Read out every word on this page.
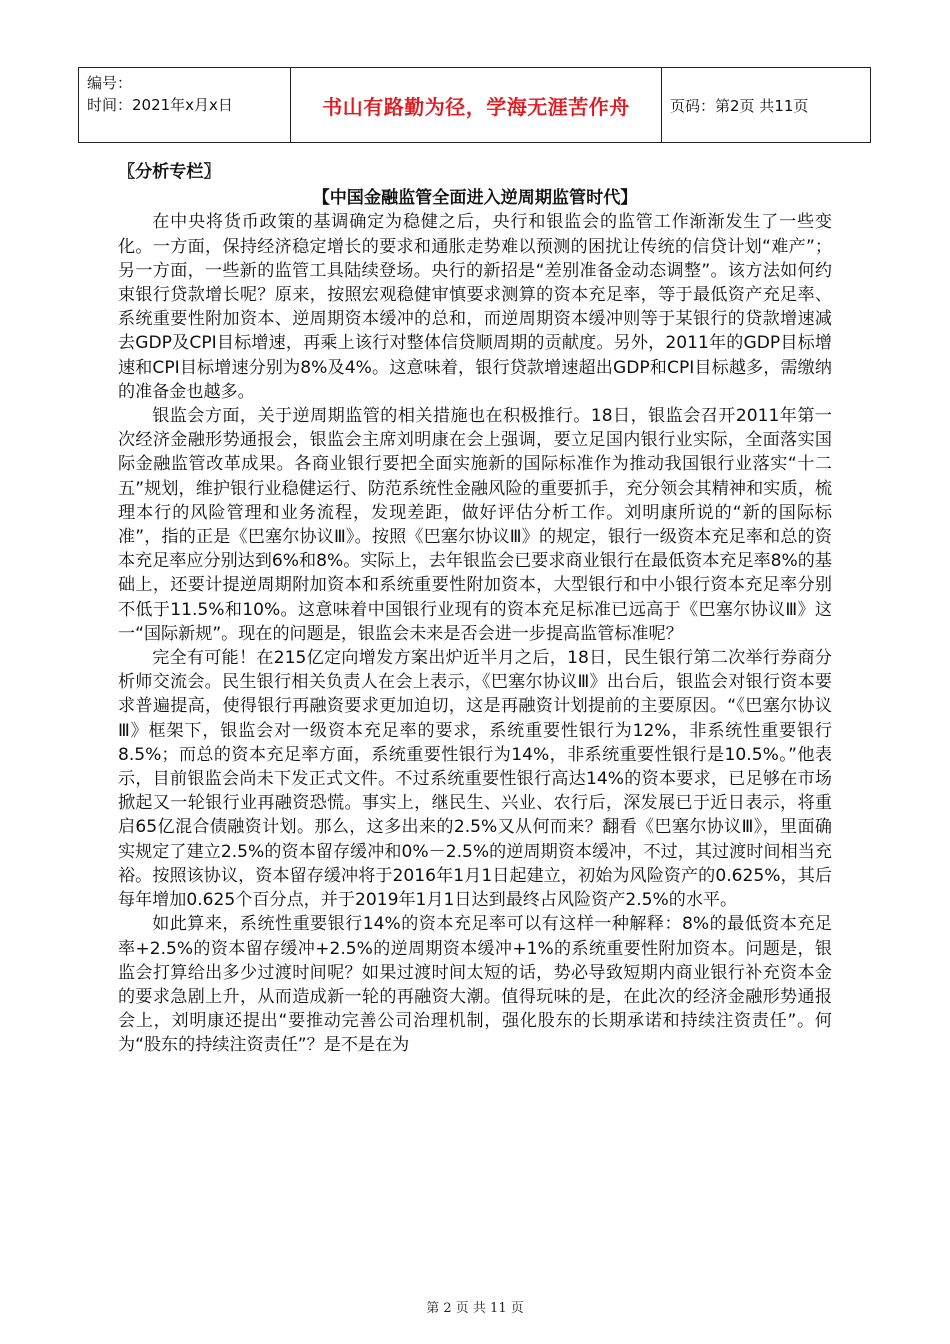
编号：
时间：2021年x月x日	书山有路勤为径，学海无涯苦作舟	页码：第2页 共11页

〖分析专栏〗

【中国金融监管全面进入逆周期监管时代】

在中央将货币政策的基调确定为稳健之后，央行和银监会的监管工作渐渐发生了一些变化。一方面，保持经济稳定增长的要求和通胀走势难以预测的困扰让传统的信贷计划“难产”；另一方面，一些新的监管工具陆续登场。央行的新招是“差别准备金动态调整”。该方法如何约束银行贷款增长呢？原来，按照宏观稳健审慎要求测算的资本充足率，等于最低资产充足率、系统重要性附加资本、逆周期资本缓冲的总和，而逆周期资本缓冲则等于某银行的贷款增速减去GDP及CPI目标增速，再乘上该行对整体信贷顺周期的贡献度。另外，2011年的GDP目标增速和CPI目标增速分别为8%及4%。这意味着，银行贷款增速超出GDP和CPI目标越多，需缴纳的准备金也越多。

银监会方面，关于逆周期监管的相关措施也在积极推行。18日，银监会召开2011年第一次经济金融形势通报会，银监会主席刘明康在会上强调，要立足国内银行业实际，全面落实国际金融监管改革成果。各商业银行要把全面实施新的国际标准作为推动我国银行业落实“十二五”规划，维护银行业稳健运行、防范系统性金融风险的重要抓手，充分领会其精神和实质，梳理本行的风险管理和业务流程，发现差距，做好评估分析工作。刘明康所说的“新的国际标准”，指的正是《巴塞尔协议Ⅲ》。按照《巴塞尔协议Ⅲ》的规定，银行一级资本充足率和总的资本充足率应分别达到6%和8%。实际上，去年银监会已要求商业银行在最低资本充足率8%的基础上，还要计提逆周期附加资本和系统重要性附加资本，大型银行和中小银行资本充足率分别不低于11.5%和10%。这意味着中国银行业现有的资本充足标准已远高于《巴塞尔协议Ⅲ》这一“国际新规”。现在的问题是，银监会未来是否会进一步提高监管标准呢？

完全有可能！在215亿定向增发方案出炉近半月之后，18日，民生银行第二次举行券商分析师交流会。民生银行相关负责人在会上表示，《巴塞尔协议Ⅲ》出台后，银监会对银行资本要求普遍提高，使得银行再融资要求更加迫切，这是再融资计划提前的主要原因。“《巴塞尔协议Ⅲ》框架下，银监会对一级资本充足率的要求，系统重要性银行为12%，非系统性重要银行8.5%；而总的资本充足率方面，系统重要性银行为14%，非系统重要性银行是10.5%。”他表示，目前银监会尚未下发正式文件。不过系统重要性银行高达14%的资本要求，已足够在市场掀起又一轮银行业再融资恐慌。事实上，继民生、兴业、农行后，深发展已于近日表示，将重启65亿混合债融资计划。那么，这多出来的2.5%又从何而来？翻看《巴塞尔协议Ⅲ》，里面确实规定了建立2.5%的资本留存缓冲和0%－2.5%的逆周期资本缓冲，不过，其过渡时间相当充裕。按照该协议，资本留存缓冲将于2016年1月1日起建立，初始为风险资产的0.625%，其后每年增加0.625个百分点，并于2019年1月1日达到最终占风险资产2.5%的水平。

如此算来，系统性重要银行14%的资本充足率可以有这样一种解释：8%的最低资本充足率+2.5%的资本留存缓冲+2.5%的逆周期资本缓冲+1%的系统重要性附加资本。问题是，银监会打算给出多少过渡时间呢？如果过渡时间太短的话，势必导致短期内商业银行补充资本金的要求急剧上升，从而造成新一轮的再融资大潮。值得玩味的是，在此次的经济金融形势通报会上，刘明康还提出“要推动完善公司治理机制，强化股东的长期承诺和持续注资责任”。何为“股东的持续注资责任”？是不是在为

第 2 页 共 11 页
